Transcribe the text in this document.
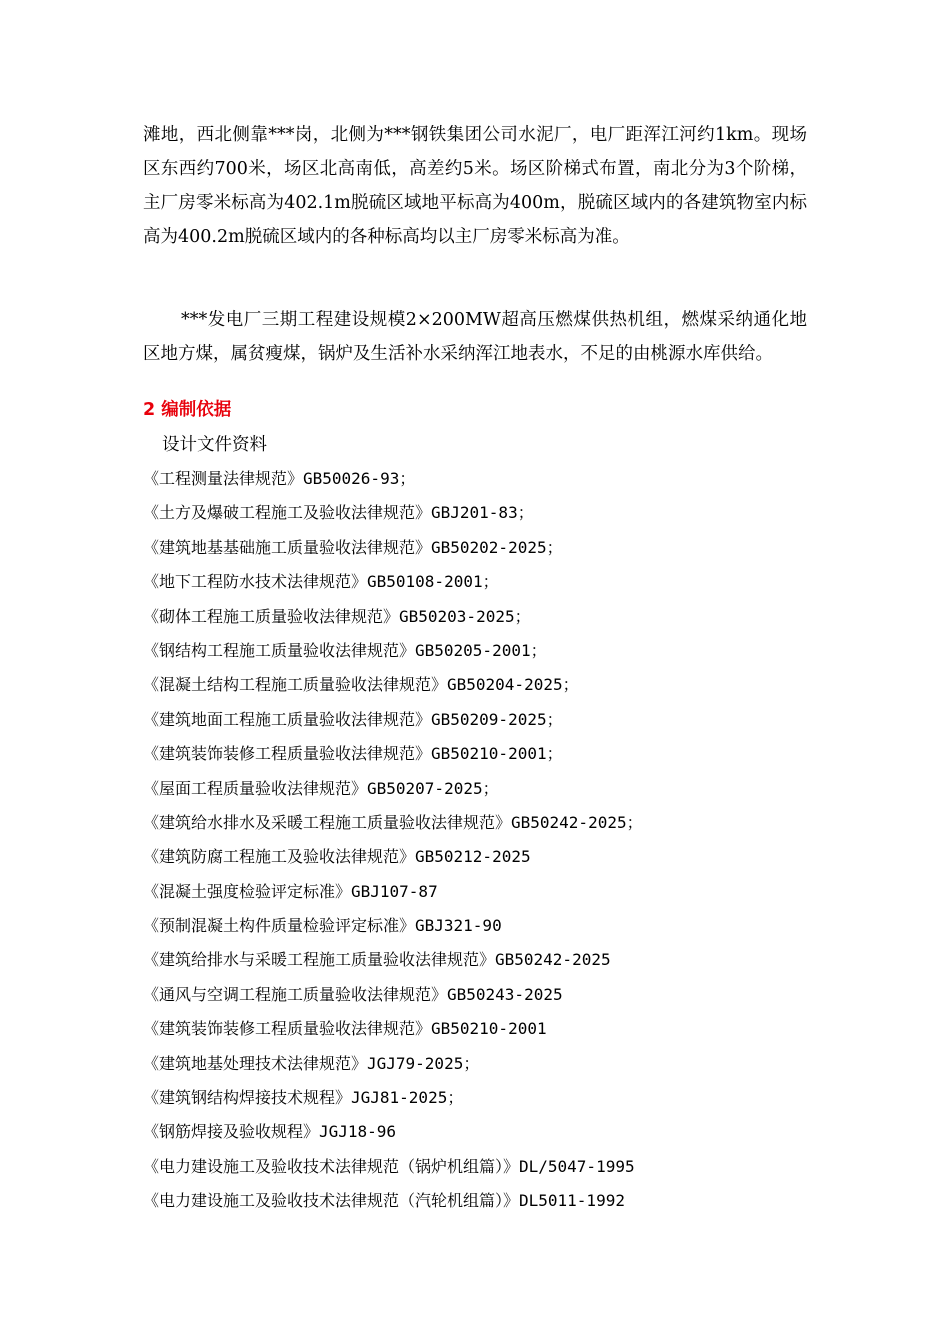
滩地，西北侧靠***岗，北侧为***钢铁集团公司水泥厂，电厂距浑江河约1km。现场区东西约700米，场区北高南低，高差约5米。场区阶梯式布置，南北分为3个阶梯，主厂房零米标高为402.1m脱硫区域地平标高为400m，脱硫区域内的各建筑物室内标高为400.2m脱硫区域内的各种标高均以主厂房零米标高为准。

***发电厂三期工程建设规模2×200MW超高压燃煤供热机组，燃煤采纳通化地区地方煤，属贫瘦煤，锅炉及生活补水采纳浑江地表水，不足的由桃源水库供给。

2 编制依据
设计文件资料
《工程测量法律规范》GB50026-93；
《土方及爆破工程施工及验收法律规范》GBJ201-83；
《建筑地基基础施工质量验收法律规范》GB50202-2025；
《地下工程防水技术法律规范》GB50108-2001；
《砌体工程施工质量验收法律规范》GB50203-2025；
《钢结构工程施工质量验收法律规范》GB50205-2001；
《混凝土结构工程施工质量验收法律规范》GB50204-2025；
《建筑地面工程施工质量验收法律规范》GB50209-2025；
《建筑装饰装修工程质量验收法律规范》GB50210-2001；
《屋面工程质量验收法律规范》GB50207-2025；
《建筑给水排水及采暖工程施工质量验收法律规范》GB50242-2025；
《建筑防腐工程施工及验收法律规范》GB50212-2025
《混凝土强度检验评定标准》GBJ107-87
《预制混凝土构件质量检验评定标准》GBJ321-90
《建筑给排水与采暖工程施工质量验收法律规范》GB50242-2025
《通风与空调工程施工质量验收法律规范》GB50243-2025
《建筑装饰装修工程质量验收法律规范》GB50210-2001
《建筑地基处理技术法律规范》JGJ79-2025；
《建筑钢结构焊接技术规程》JGJ81-2025；
《钢筋焊接及验收规程》JGJ18-96
《电力建设施工及验收技术法律规范（锅炉机组篇）》DL/5047-1995
《电力建设施工及验收技术法律规范（汽轮机组篇）》DL5011-1992
